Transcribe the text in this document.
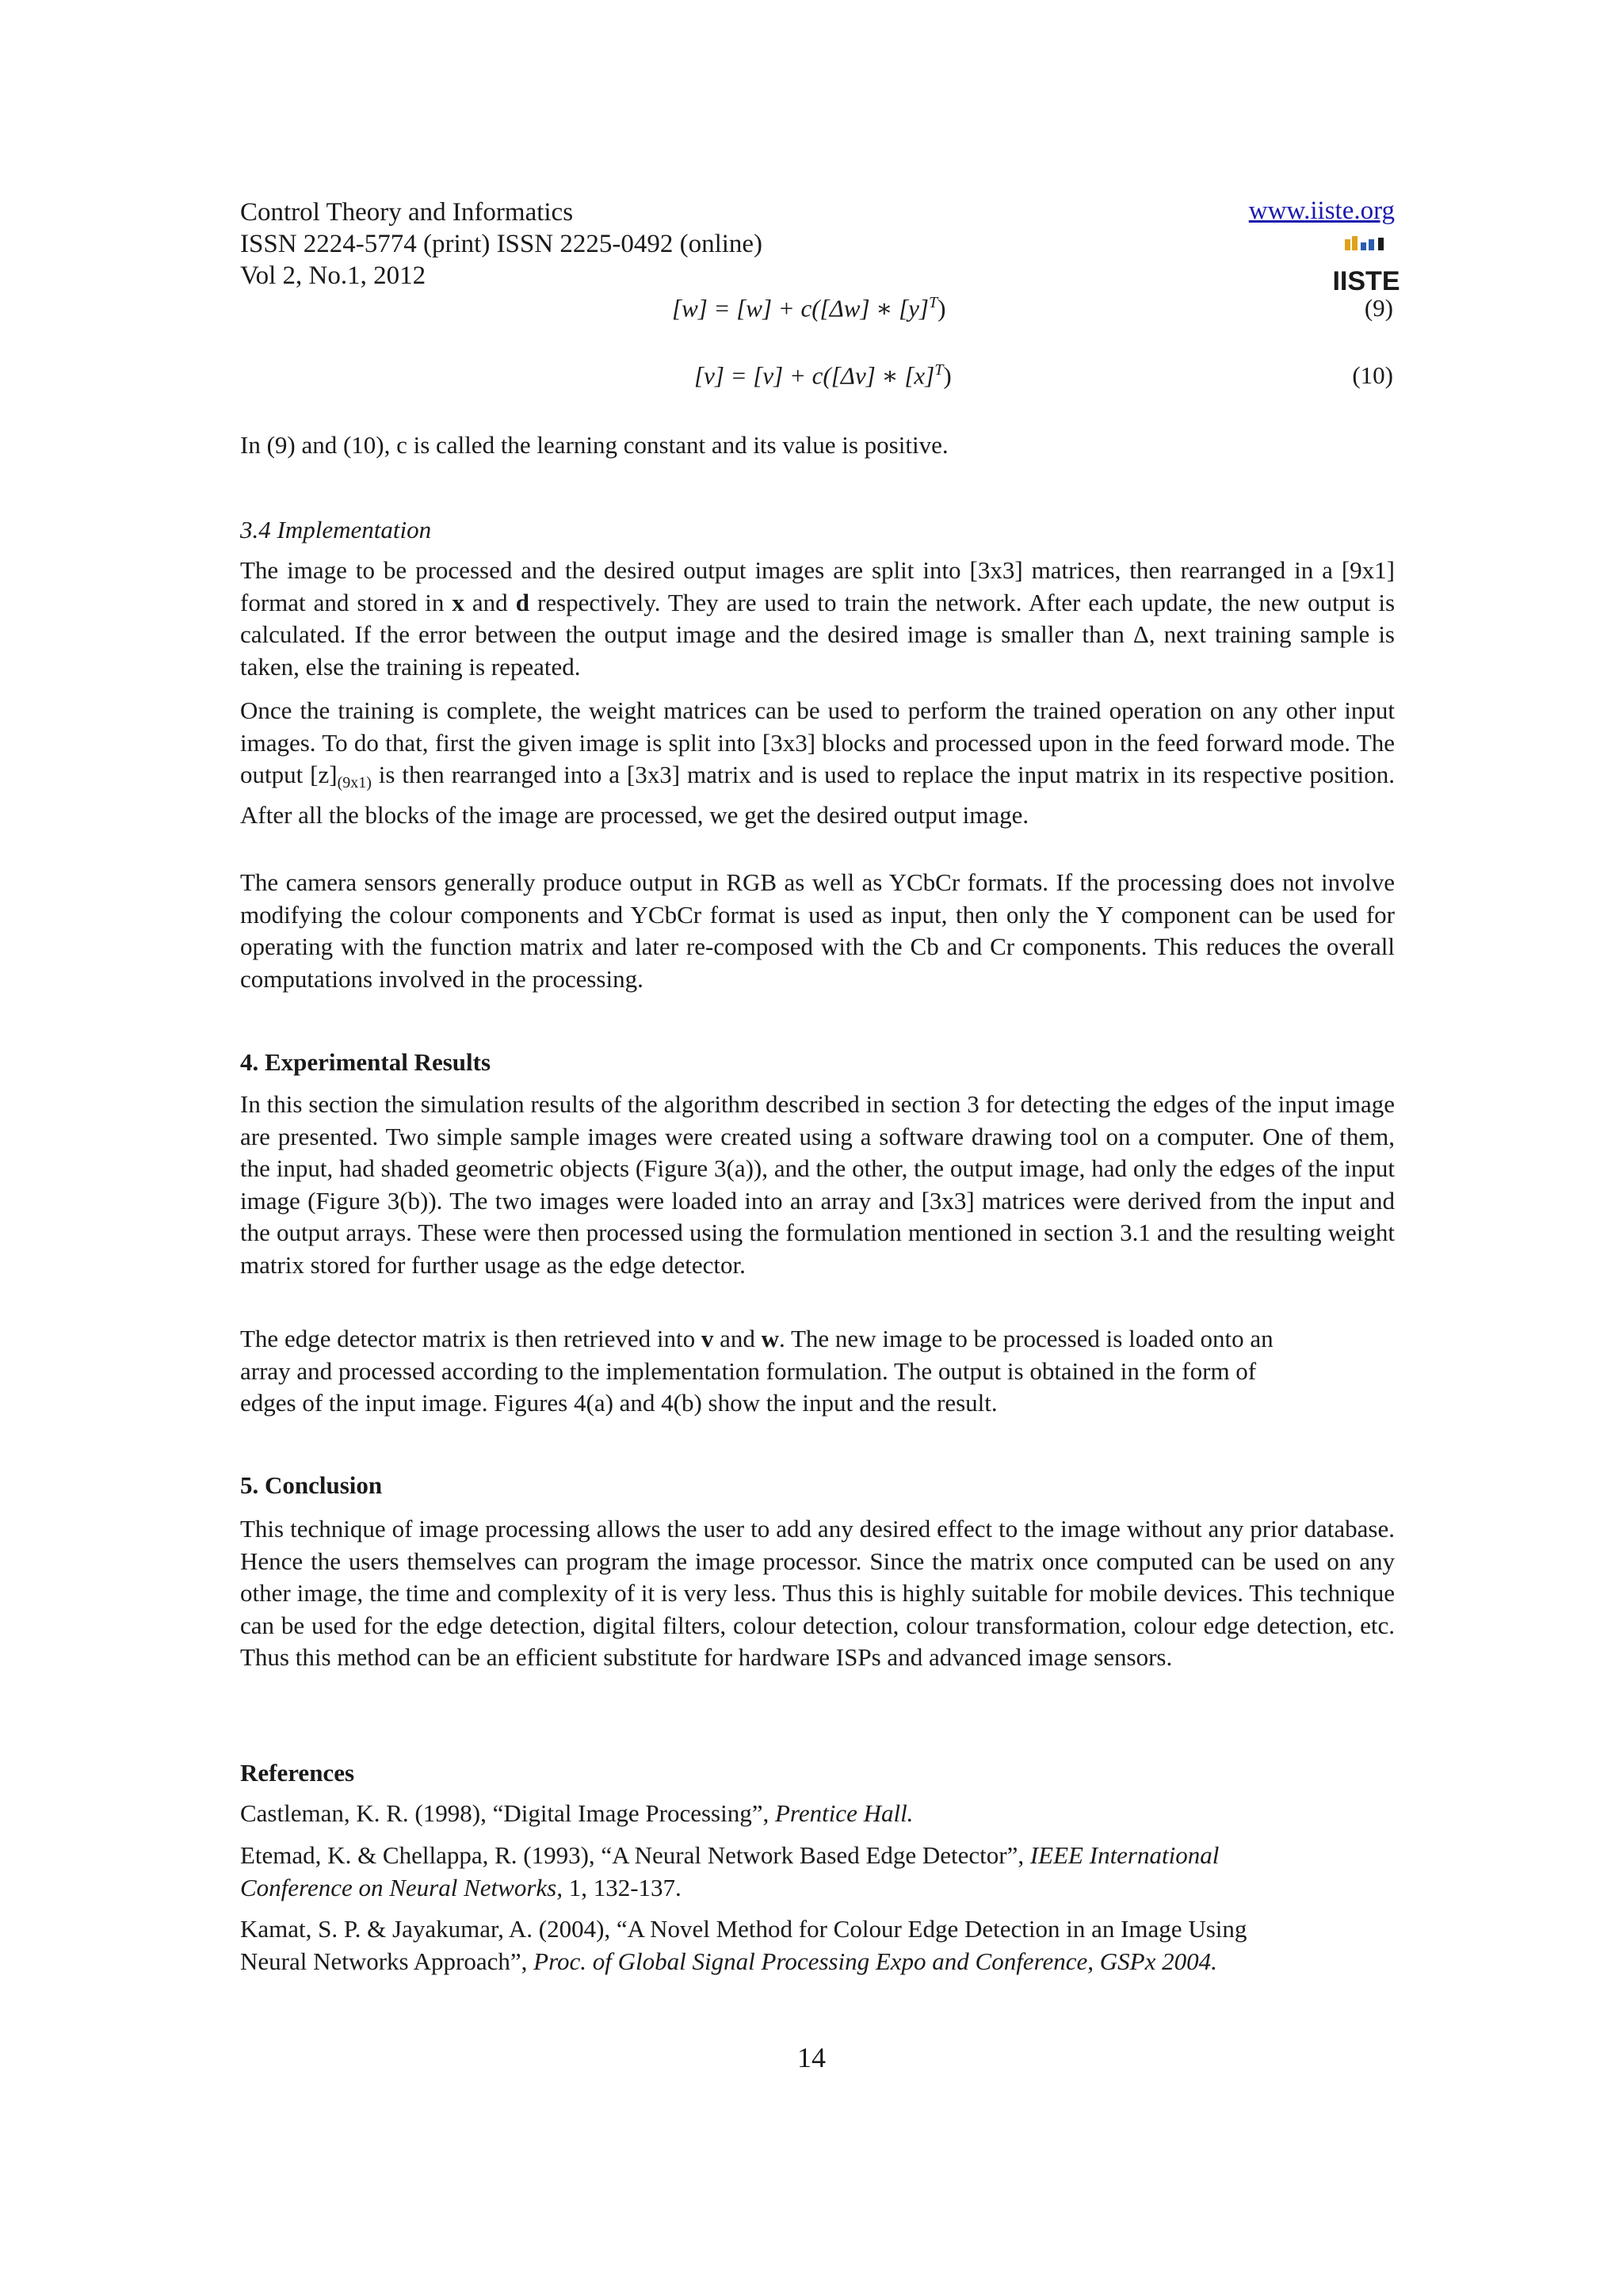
Control Theory and Informatics
ISSN 2224-5774 (print) ISSN 2225-0492 (online)
Vol 2, No.1, 2012
www.iiste.org
IISTE
[w] = [w] + c([Δw] ∗ $[y]^T$)	(9)
[v] = [v] + c([Δv] ∗ $[x]^T$)	(10)
In (9) and (10), c is called the learning constant and its value is positive.
3.4 Implementation

The image to be processed and the desired output images are split into [3x3] matrices, then rearranged in a [9x1] format and stored in x and d respectively. They are used to train the network. After each update, the new output is calculated. If the error between the output image and the desired image is smaller than Δ, next training sample is taken, else the training is repeated.

Once the training is complete, the weight matrices can be used to perform the trained operation on any other input images. To do that, first the given image is split into [3x3] blocks and processed upon in the feed forward mode. The output $[z]_{(9x1)}$ is then rearranged into a [3x3] matrix and is used to replace the input matrix in its respective position. After all the blocks of the image are processed, we get the desired output image.

The camera sensors generally produce output in RGB as well as YCbCr formats. If the processing does not involve modifying the colour components and YCbCr format is used as input, then only the Y component can be used for operating with the function matrix and later re-composed with the Cb and Cr components. This reduces the overall computations involved in the processing.
4. Experimental Results
In this section the simulation results of the algorithm described in section 3 for detecting the edges of the input image are presented. Two simple sample images were created using a software drawing tool on a computer. One of them, the input, had shaded geometric objects (Figure 3(a)), and the other, the output image, had only the edges of the input image (Figure 3(b)). The two images were loaded into an array and [3x3] matrices were derived from the input and the output arrays. These were then processed using the formulation mentioned in section 3.1 and the resulting weight matrix stored for further usage as the edge detector.
The edge detector matrix is then retrieved into v and w. The new image to be processed is loaded onto an
array and processed according to the implementation formulation. The output is obtained in the form of
edges of the input image. Figures 4(a) and 4(b) show the input and the result.
5. Conclusion
This technique of image processing allows the user to add any desired effect to the image without any prior database. Hence the users themselves can program the image processor. Since the matrix once computed can be used on any other image, the time and complexity of it is very less. Thus this is highly suitable for mobile devices. This technique can be used for the edge detection, digital filters, colour detection, colour transformation, colour edge detection, etc. Thus this method can be an efficient substitute for hardware ISPs and advanced image sensors.
References
Castleman, K. R. (1998), “Digital Image Processing”, Prentice Hall.
Etemad, K. & Chellappa, R. (1993), “A Neural Network Based Edge Detector”, IEEE International
Conference on Neural Networks, 1, 132-137.
Kamat, S. P. & Jayakumar, A. (2004), “A Novel Method for Colour Edge Detection in an Image Using
Neural Networks Approach”, Proc. of Global Signal Processing Expo and Conference, GSPx 2004.
14
